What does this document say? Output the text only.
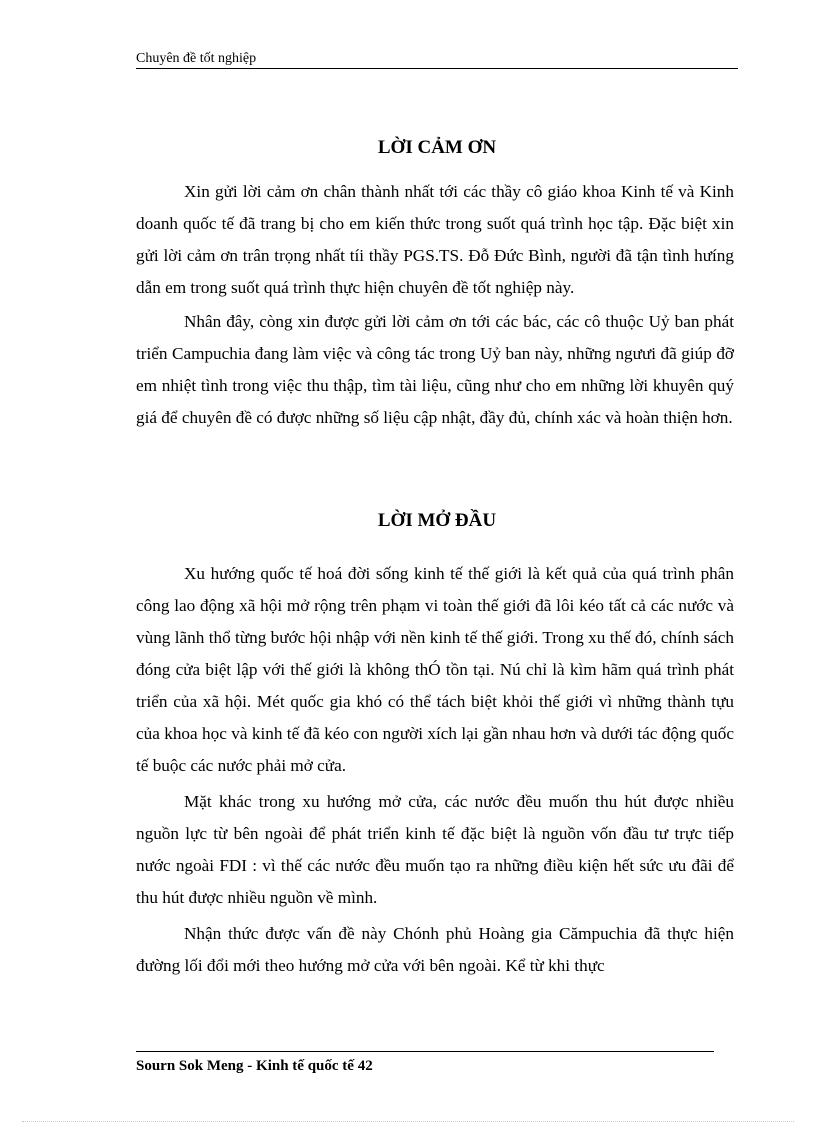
Chuyên đề tốt nghiệp
LỜI CẢM ƠN

Xin gửi lời cảm ơn chân thành nhất tới các thầy cô giáo khoa Kinh tế và Kinh doanh quốc tế đã trang bị cho em kiến thức trong suốt quá trình học tập. Đặc biệt xin gửi lời cảm ơn trân trọng nhất tíi thầy PGS.TS. Đỗ Đức Bình, người đã tận tình hưíng dẫn em trong suốt quá trình thực hiện chuyên đề tốt nghiệp này.

Nhân đây, còng xin được gửi lời cảm ơn tới các bác, các cô thuộc Uỷ ban phát triển Campuchia đang làm việc và công tác trong Uỷ ban này, những ngưưi đã giúp đỡ em nhiệt tình trong việc thu thập, tìm tài liệu, cũng như cho em những lời khuyên quý giá để chuyên đề có được những số liệu cập nhật, đầy đủ, chính xác và hoàn thiện hơn.

LỜI MỞ ĐẦU

Xu hướng quốc tế hoá đời sống kinh tế thế giới là kết quả của quá trình phân công lao động xã hội mở rộng trên phạm vi toàn thế giới đã lôi kéo tất cả các nước và vùng lãnh thổ từng bước hội nhập với nền kinh tế thế giới. Trong xu thế đó, chính sách đóng cửa biệt lập với thế giới là không thÓ tồn tại. Nú chỉ là kìm hãm quá trình phát triển của xã hội. Mét quốc gia khó có thể tách biệt khỏi thế giới vì những thành tựu của khoa học và kinh tế đã kéo con người xích lại gần nhau hơn và dưới tác động quốc tế buộc các nước phải mở cửa.

Mặt khác trong xu hướng mở cửa, các nước đều muốn thu hút được nhiều nguồn lực từ bên ngoài để phát triển kinh tế đặc biệt là nguồn vốn đầu tư trực tiếp nước ngoài FDI : vì thế các nước đều muốn tạo ra những điều kiện hết sức ưu đãi để thu hút được nhiều nguồn về mình.

Nhận thức được vấn đề này Chónh phủ Hoàng gia Cămpuchia đã thực hiện đường lối đổi mới theo hướng mở cửa với bên ngoài. Kể từ khi thực

Sourn Sok Meng - Kinh tế quốc tế 42
